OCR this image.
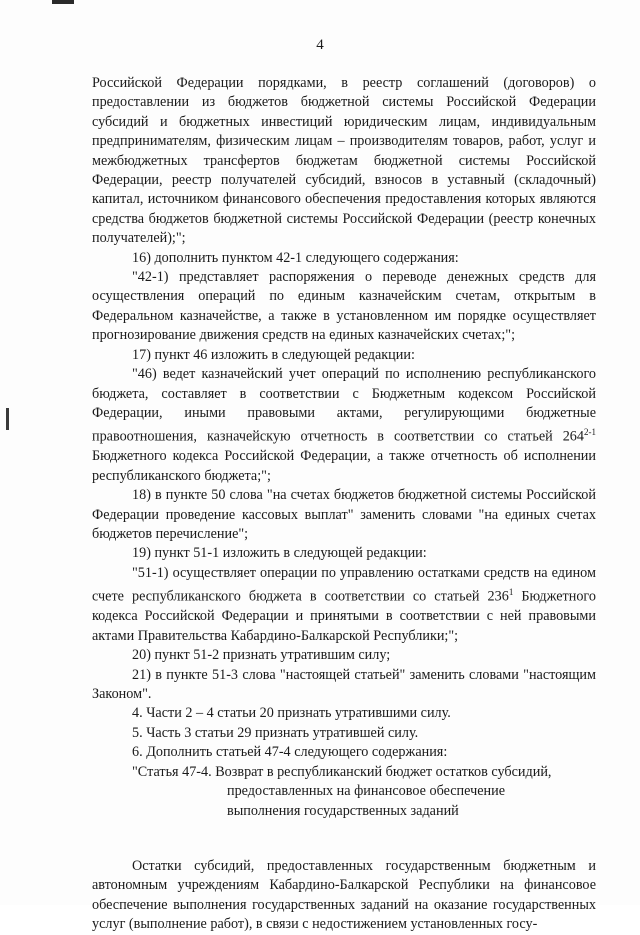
4

Российской Федерации порядками, в реестр соглашений (договоров) о предоставлении из бюджетов бюджетной системы Российской Федерации субсидий и бюджетных инвестиций юридическим лицам, индивидуальным предпринимателям, физическим лицам – производителям товаров, работ, услуг и межбюджетных трансфертов бюджетам бюджетной системы Российской Федерации, реестр получателей субсидий, взносов в уставный (складочный) капитал, источником финансового обеспечения предоставления которых являются средства бюджетов бюджетной системы Российской Федерации (реестр конечных получателей);";

16) дополнить пунктом 42-1 следующего содержания:

"42-1) представляет распоряжения о переводе денежных средств для осуществления операций по единым казначейским счетам, открытым в Федеральном казначействе, а также в установленном им порядке осуществляет прогнозирование движения средств на единых казначейских счетах;";

17) пункт 46 изложить в следующей редакции:

"46) ведет казначейский учет операций по исполнению республиканского бюджета, составляет в соответствии с Бюджетным кодексом Российской Федерации, иными правовыми актами, регулирующими бюджетные правоотношения, казначейскую отчетность в соответствии со статьей 264$^{2-1}$ Бюджетного кодекса Российской Федерации, а также отчетность об исполнении республиканского бюджета;";

18) в пункте 50 слова "на счетах бюджетов бюджетной системы Российской Федерации проведение кассовых выплат" заменить словами "на единых счетах бюджетов перечисление";

19) пункт 51-1 изложить в следующей редакции:

"51-1) осуществляет операции по управлению остатками средств на едином счете республиканского бюджета в соответствии со статьей $236^1$ Бюджетного кодекса Российской Федерации и принятыми в соответствии с ней правовыми актами Правительства Кабардино-Балкарской Республики;";

20) пункт 51-2 признать утратившим силу;

21) в пункте 51-3 слова "настоящей статьей" заменить словами "настоящим Законом".

4. Части 2 – 4 статьи 20 признать утратившими силу.

5. Часть 3 статьи 29 признать утратившей силу.

6. Дополнить статьей 47-4 следующего содержания:

"Статья 47-4. Возврат в республиканский бюджет остатков субсидий,

предоставленных на финансовое обеспечение

выполнения государственных заданий

Остатки субсидий, предоставленных государственным бюджетным и автономным учреждениям Кабардино-Балкарской Республики на финансовое обеспечение выполнения государственных заданий на оказание государственных услуг (выполнение работ), в связи с недостижением установленных госу-
